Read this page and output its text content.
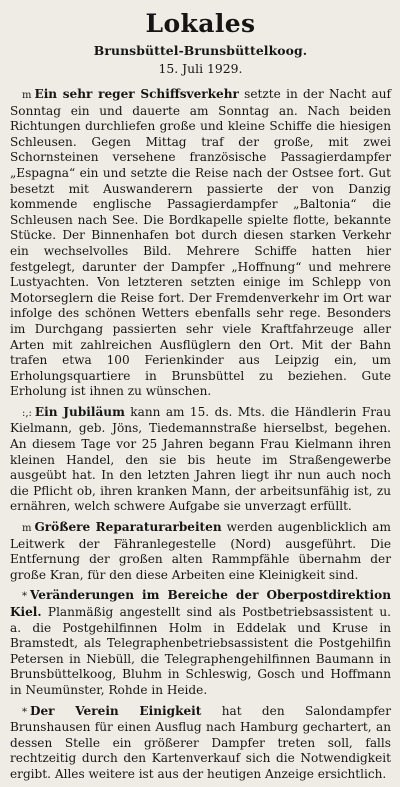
Lokales
Brunsbüttel-Brunsbüttelkoog.
15. Juli 1929.

m Ein sehr reger Schiffsverkehr setzte in der Nacht auf Sonntag ein und dauerte am Sonntag an. Nach beiden Richtungen durchliefen große und kleine Schiffe die hiesigen Schleusen. Gegen Mittag traf der große, mit zwei Schornsteinen versehene französische Passagierdampfer „Espagna“ ein und setzte die Reise nach der Ostsee fort. Gut besetzt mit Auswanderern passierte der von Danzig kommende englische Passagierdampfer „Baltonia“ die Schleusen nach See. Die Bordkapelle spielte flotte, bekannte Stücke. Der Binnenhafen bot durch diesen starken Verkehr ein wechselvolles Bild. Mehrere Schiffe hatten hier festgelegt, darunter der Dampfer „Hoffnung“ und mehrere Lustyachten. Von letzteren setzten einige im Schlepp von Motorseglern die Reise fort. Der Fremdenverkehr im Ort war infolge des schönen Wetters ebenfalls sehr rege. Besonders im Durchgang passierten sehr viele Kraftfahrzeuge aller Arten mit zahlreichen Ausflüglern den Ort. Mit der Bahn trafen etwa 100 Ferienkinder aus Leipzig ein, um Erholungsquartiere in Brunsbüttel zu beziehen. Gute Erholung ist ihnen zu wünschen.

:,: Ein Jubiläum kann am 15. ds. Mts. die Händlerin Frau Kielmann, geb. Jöns, Tiedemannstraße hierselbst, begehen. An diesem Tage vor 25 Jahren begann Frau Kielmann ihren kleinen Handel, den sie bis heute im Straßengewerbe ausgeübt hat. In den letzten Jahren liegt ihr nun auch noch die Pflicht ob, ihren kranken Mann, der arbeitsunfähig ist, zu ernähren, welch schwere Aufgabe sie unverzagt erfüllt.

m Größere Reparaturarbeiten werden augenblicklich am Leitwerk der Fähranlegestelle (Nord) ausgeführt. Die Entfernung der großen alten Rammpfähle übernahm der große Kran, für den diese Arbeiten eine Kleinigkeit sind.

* Veränderungen im Bereiche der Oberpostdirektion Kiel. Planmäßig angestellt sind als Postbetriebsassistent u. a. die Postgehilfinnen Holm in Eddelak und Kruse in Bramstedt, als Telegraphenbetriebsassistent die Postgehilfin Petersen in Niebüll, die Telegraphengehilfinnen Baumann in Brunsbüttelkoog, Bluhm in Schleswig, Gosch und Hoffmann in Neumünster, Rohde in Heide.

* Der Verein Einigkeit hat den Salondampfer Brunshausen für einen Ausflug nach Hamburg gechartert, an dessen Stelle ein größerer Dampfer treten soll, falls rechtzeitig durch den Kartenverkauf sich die Notwendigkeit ergibt. Alles weitere ist aus der heutigen Anzeige ersichtlich.
